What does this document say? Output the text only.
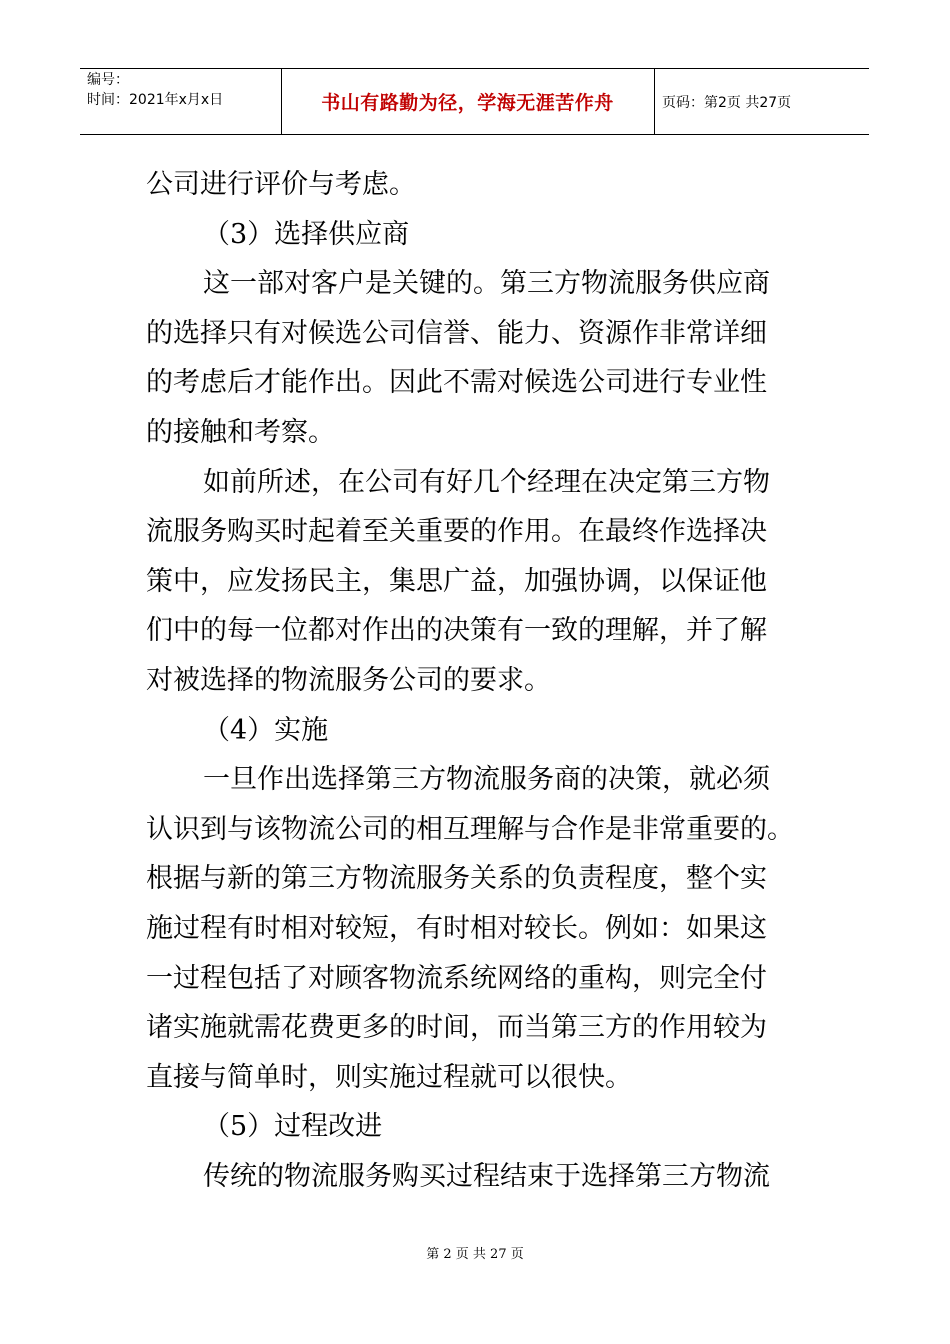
编号：
时间：2021年x月x日	书山有路勤为径，学海无涯苦作舟	页码：第2页 共27页
公司进行评价与考虑。
（3）选择供应商
这一部对客户是关键的。第三方物流服务供应商
的选择只有对候选公司信誉、能力、资源作非常详细
的考虑后才能作出。因此不需对候选公司进行专业性
的接触和考察。
如前所述，在公司有好几个经理在决定第三方物
流服务购买时起着至关重要的作用。在最终作选择决
策中，应发扬民主，集思广益，加强协调，以保证他
们中的每一位都对作出的决策有一致的理解，并了解
对被选择的物流服务公司的要求。
（4）实施
一旦作出选择第三方物流服务商的决策，就必须
认识到与该物流公司的相互理解与合作是非常重要的。
根据与新的第三方物流服务关系的负责程度，整个实
施过程有时相对较短，有时相对较长。例如：如果这
一过程包括了对顾客物流系统网络的重构，则完全付
诸实施就需花费更多的时间，而当第三方的作用较为
直接与简单时，则实施过程就可以很快。
（5）过程改进
传统的物流服务购买过程结束于选择第三方物流
第 2 页 共 27 页
